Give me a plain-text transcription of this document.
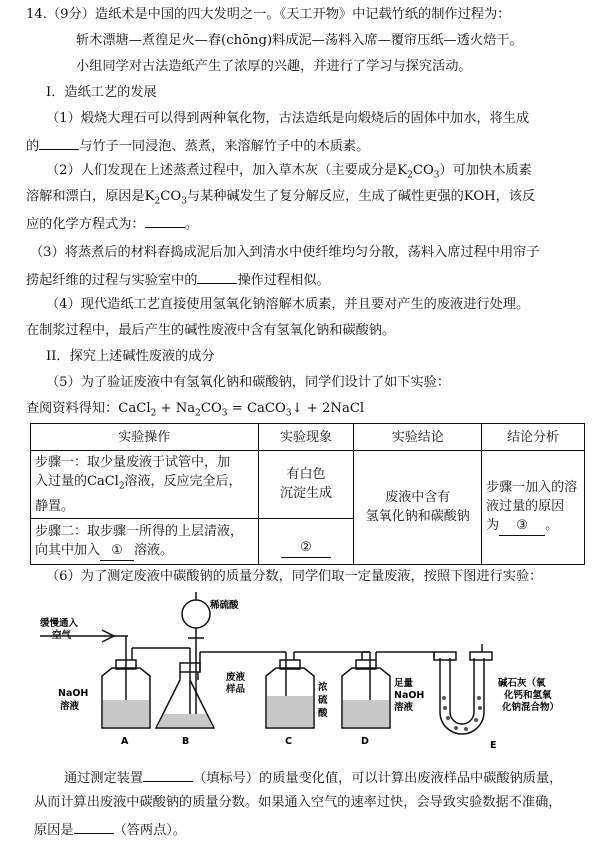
14.（9分）造纸术是中国的四大发明之一。《天工开物》中记载竹纸的制作过程为：
斩木漂塘—煮徨足火—舂(chōng)料成泥—荡料入席—覆帘压纸—透火焙干。
小组同学对古法造纸产生了浓厚的兴趣，并进行了学习与探究活动。
I．造纸工艺的发展
（1）煅烧大理石可以得到两种氧化物，古法造纸是向煅烧后的固体中加水，将生成
的	与竹子一同浸泡、蒸煮，来溶解竹子中的木质素。
（2）人们发现在上述蒸煮过程中，加入草木灰（主要成分是$K_2CO_3$）可加快木质素
溶解和漂白，原因是$K_2CO_3$与某种碱发生了复分解反应，生成了碱性更强的KOH，该反
应的化学方程式为：	。
（3）将蒸煮后的材料舂捣成泥后加入到清水中使纤维均匀分散，荡料入席过程中用帘子
捞起纤维的过程与实验室中的	操作过程相似。
（4）现代造纸工艺直接使用氢氧化钠溶解木质素，并且要对产生的废液进行处理。
在制浆过程中，最后产生的碱性废液中含有氢氧化钠和碳酸钠。
II．探究上述碱性废液的成分
（5）为了验证废液中有氢氧化钠和碳酸钠，同学们设计了如下实验：
查阅资料得知：CaCl$_2$ + $Na_2CO_3$ = CaCO$_3$↓ + 2NaCl
实验操作	实验现象	实验结论	结论分析
步骤一：取少量废液于试管中，加
入过量的CaCl$_2$溶液，反应完全后，
静置。	有白色
沉淀生成	废液中含有
氢氧化钠和碳酸钠	步骤一加入的溶
液过量的原因
为 ③ 。
步骤二：取步骤一所得的上层清液，
向其中加入 ① 溶液。	②		
（6）为了测定废液中碳酸钠的质量分数，同学们取一定量废液，按照下图进行实验：
缓慢通入
空气
稀硫酸
NaOH
溶液
废液
样品	浓
硫
酸
足量
NaOH
溶液
碱石灰（氧
化钙和氢氧
化钠混合物）
A	B	C	D	E
通过测定装置	（填标号）的质量变化值，可以计算出废液样品中碳酸钠质量，
从而计算出废液中碳酸钠的质量分数。如果通入空气的速率过快，会导致实验数据不准确，
原因是	（答两点）。
